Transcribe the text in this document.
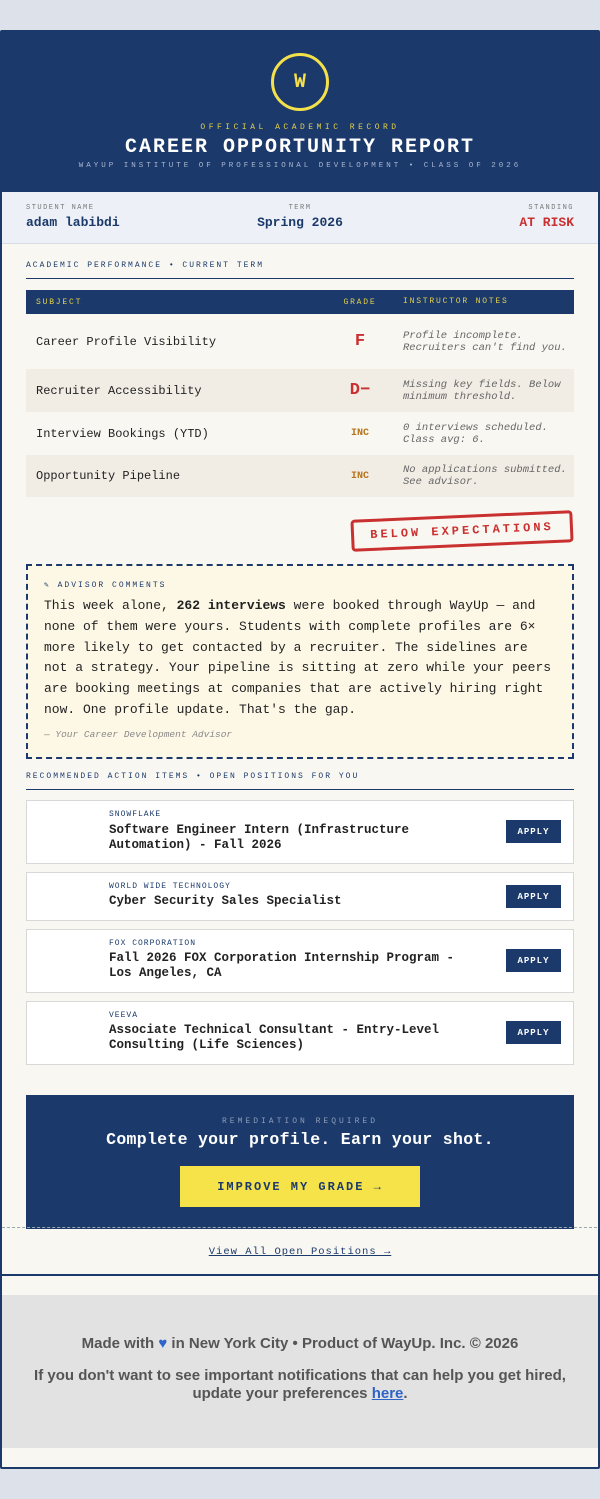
W
OFFICIAL ACADEMIC RECORD
CAREER OPPORTUNITY REPORT
WAYUP INSTITUTE OF PROFESSIONAL DEVELOPMENT • CLASS OF 2026
STUDENT NAME
adam labibdi
TERM
Spring 2026
STANDING
AT RISK
ACADEMIC PERFORMANCE • CURRENT TERM
SUBJECT	GRADE	INSTRUCTOR NOTES
Career Profile Visibility	F	Profile incomplete. Recruiters can't find you.
Recruiter Accessibility	D−	Missing key fields. Below minimum threshold.
Interview Bookings (YTD)	INC	0 interviews scheduled. Class avg: 6.
Opportunity Pipeline	INC	No applications submitted. See advisor.
BELOW EXPECTATIONS
✎ ADVISOR COMMENTS
This week alone, 262 interviews were booked through WayUp — and none of them were yours. Students with complete profiles are 6× more likely to get contacted by a recruiter. The sidelines are not a strategy. Your pipeline is sitting at zero while your peers are booking meetings at companies that are actively hiring right now. One profile update. That's the gap.
— Your Career Development Advisor
RECOMMENDED ACTION ITEMS • OPEN POSITIONS FOR YOU
SNOWFLAKE
Software Engineer Intern (Infrastructure Automation) - Fall 2026
APPLY
WORLD WIDE TECHNOLOGY
Cyber Security Sales Specialist	APPLY
FOX CORPORATION
Fall 2026 FOX Corporation Internship Program - Los Angeles, CA
APPLY
VEEVA
Associate Technical Consultant - Entry-Level Consulting (Life Sciences)
APPLY
REMEDIATION REQUIRED
Complete your profile. Earn your shot.
IMPROVE MY GRADE →
View All Open Positions →
Made with ♥ in New York City • Product of WayUp. Inc. © 2026
If you don't want to see important notifications that can help you get hired, update your preferences here.
